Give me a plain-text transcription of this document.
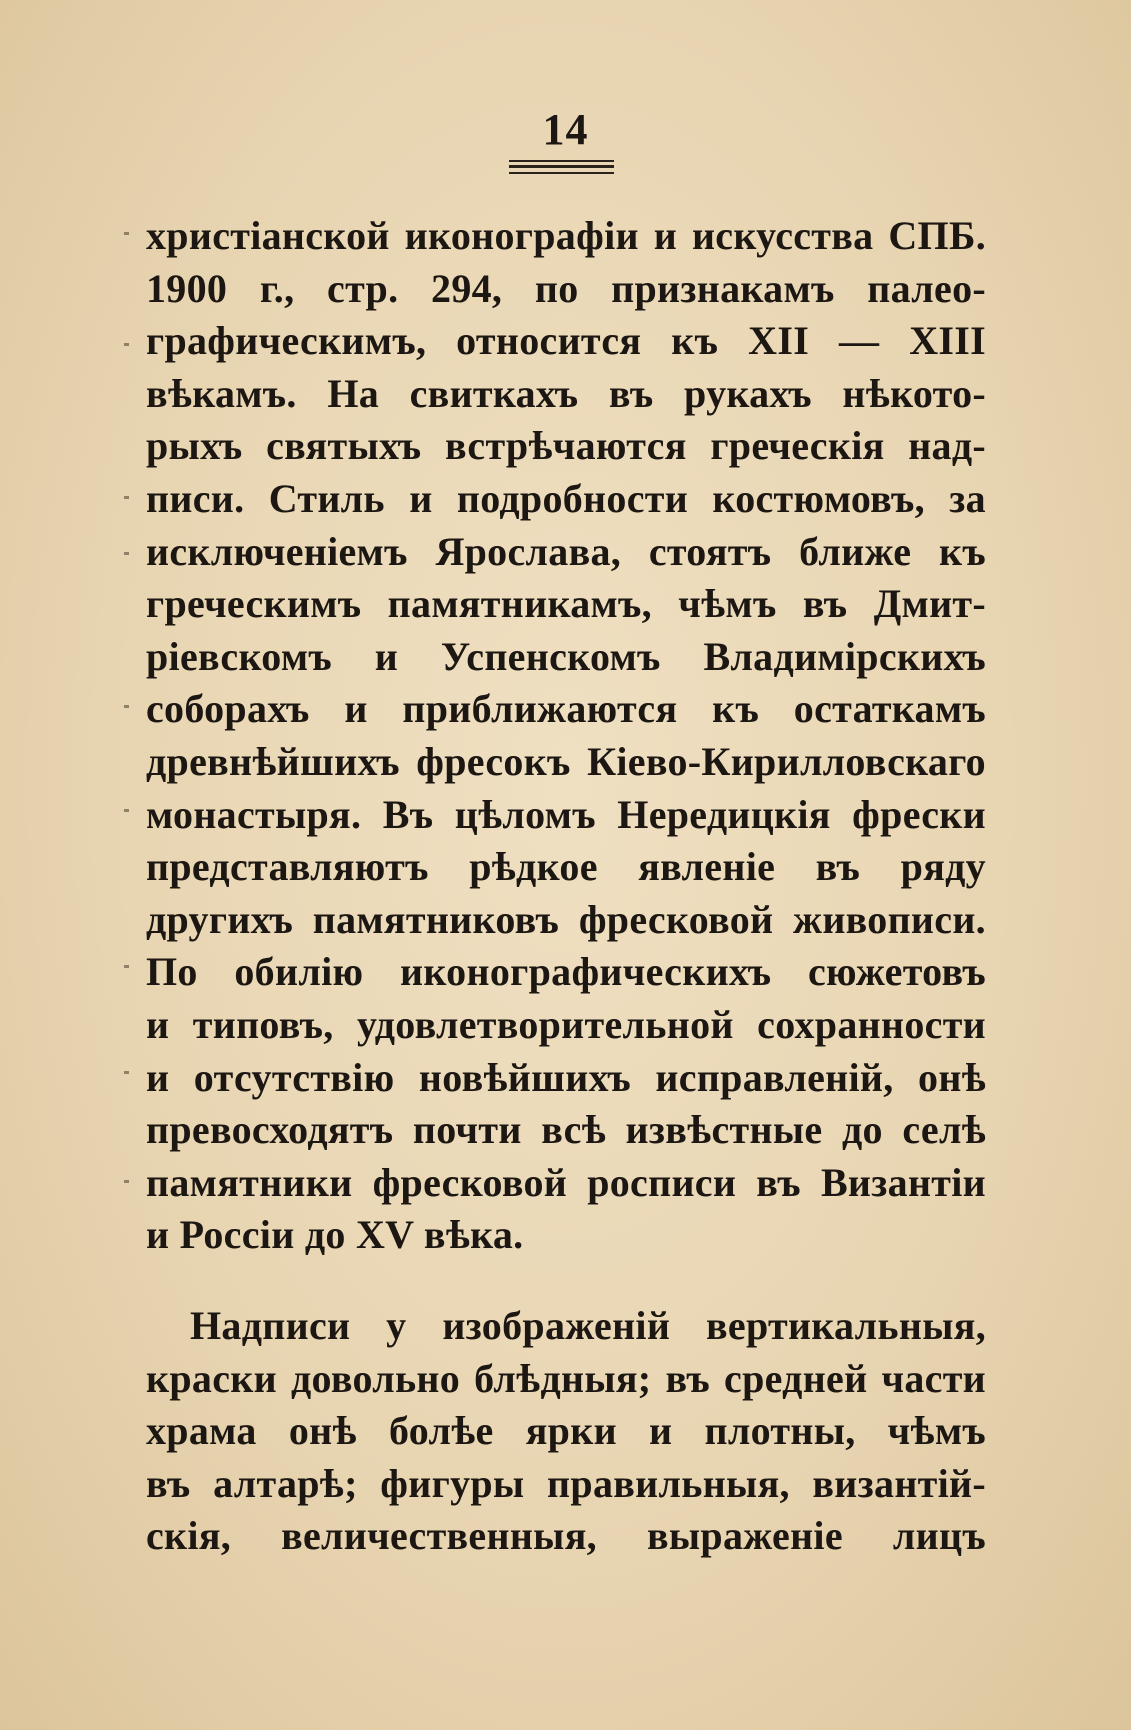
14
христіанской иконографіи и искусства СПБ.
1900 г., стр. 294, по признакамъ палео-
графическимъ, относится къ XII — XIII
вѣкамъ. На свиткахъ въ рукахъ нѣкото-
рыхъ святыхъ встрѣчаются греческія над-
писи. Стиль и подробности костюмовъ, за
исключеніемъ Ярослава, стоятъ ближе къ
греческимъ памятникамъ, чѣмъ въ Дмит-
ріевскомъ и Успенскомъ Владимірскихъ
соборахъ и приближаются къ остаткамъ
древнѣйшихъ фресокъ Кіево-Кирилловскаго
монастыря. Въ цѣломъ Нередицкія фрески
представляютъ рѣдкое явленіе въ ряду
другихъ памятниковъ фресковой живописи.
По обилію иконографическихъ сюжетовъ
и типовъ, удовлетворительной сохранности
и отсутствію новѣйшихъ исправленій, онѣ
превосходятъ почти всѣ извѣстные до селѣ
памятники фресковой росписи въ Византіи
и Россіи до XV вѣка.
Надписи у изображеній вертикальныя,
краски довольно блѣдныя; въ средней части
храма онѣ болѣе ярки и плотны, чѣмъ
въ алтарѣ; фигуры правильныя, византій-
скія, величественныя, выраженіе лицъ
